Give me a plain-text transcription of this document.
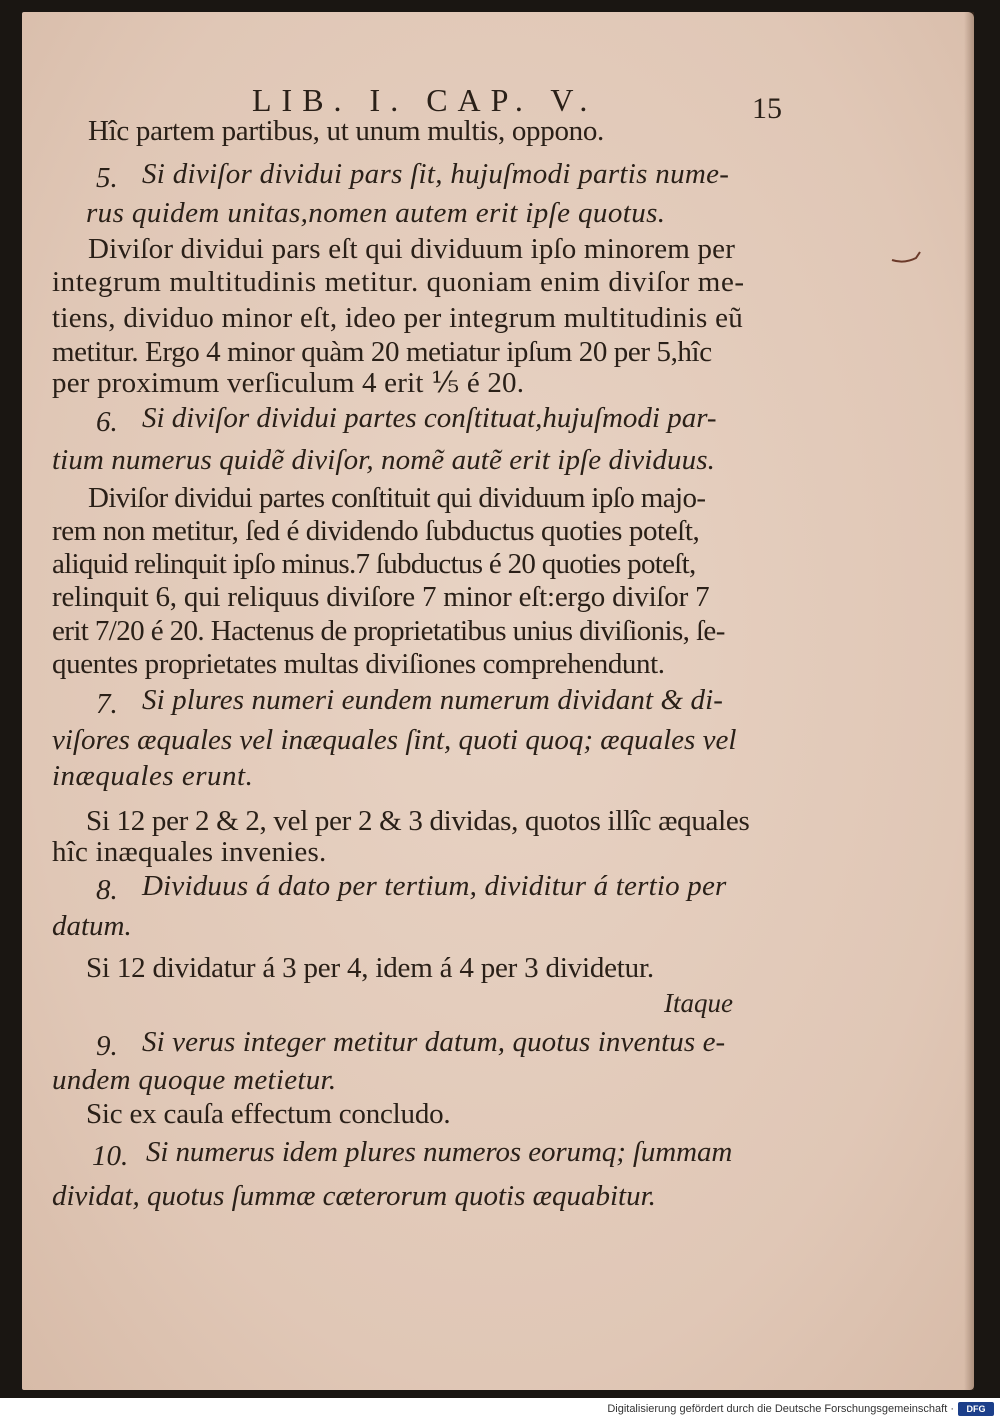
LIB. I. CAP. V.	15
Hîc partem partibus, ut unum multis, oppono.
5. Si diviſor dividui pars ſit, hujuſmodi partis nume-
rus quidem unitas,nomen autem erit ipſe quotus.
Diviſor dividui pars eſt qui dividuum ipſo minorem per
integrum multitudinis metitur. quoniam enim diviſor me-
tiens, dividuo minor eſt, ideo per integrum multitudinis eũ
metitur. Ergo 4 minor quàm 20 metiatur ipſum 20 per 5,hîc
per proximum verſiculum 4 erit ⅕ é 20.
6. Si diviſor dividui partes conſtituat,hujuſmodi par-
tium numerus quidẽ diviſor, nomẽ autẽ erit ipſe dividuus.
Diviſor dividui partes conſtituit qui dividuum ipſo majo-
rem non metitur, ſed é dividendo ſubductus quoties poteſt,
aliquid relinquit ipſo minus.7 ſubductus é 20 quoties poteſt,
relinquit 6, qui reliquus diviſore 7 minor eſt:ergo diviſor 7
erit 7/20 é 20. Hactenus de proprietatibus unius diviſionis, ſe-
quentes proprietates multas diviſiones comprehendunt.
7. Si plures numeri eundem numerum dividant & di-
viſores æquales vel inæquales ſint, quoti quoq; æquales vel
inæquales erunt.
Si 12 per 2 & 2, vel per 2 & 3 dividas, quotos illîc æquales
hîc inæquales invenies.
8. Dividuus á dato per tertium, dividitur á tertio per
datum.
Si 12 dividatur á 3 per 4, idem á 4 per 3 dividetur.
Itaque
9. Si verus integer metitur datum, quotus inventus e-
undem quoque metietur.
Sic ex cauſa effectum concludo.
10. Si numerus idem plures numeros eorumq; ſummam
dividat, quotus ſummæ cæterorum quotis æquabitur.
Digitalisierung gefördert durch die Deutsche Forschungsgemeinschaft ·	DFG
